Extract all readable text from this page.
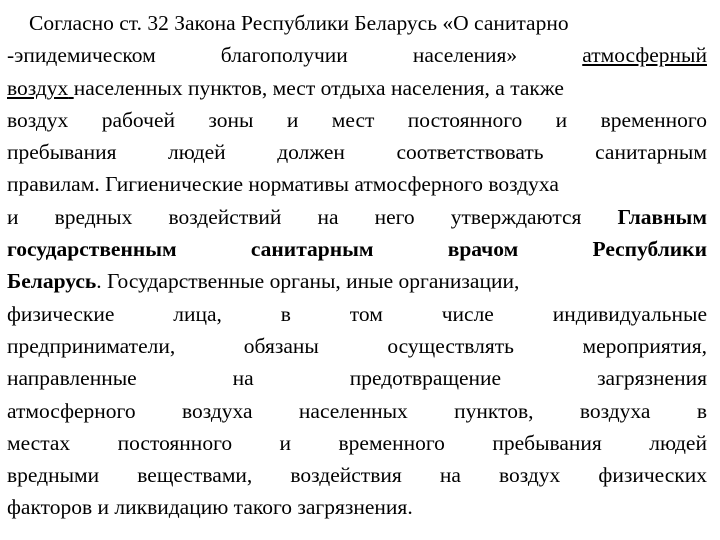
Согласно ст. 32 Закона Республики Беларусь «О санитарно
-эпидемическом	благополучии	населения»	атмосферный
воздух населенных пунктов, мест отдыха населения, а также
воздух рабочей зоны и мест постоянного и временного
пребывания людей должен соответствовать санитарным
правилам. Гигиенические нормативы атмосферного воздуха
и вредных воздействий на него утверждаются Главным
государственным	санитарным	врачом	Республики
Беларусь. Государственные органы, иные организации,
физические	лица,	в	том	числе	индивидуальные
предприниматели,	обязаны	осуществлять	мероприятия,
направленные	на	предотвращение	загрязнения
атмосферного воздуха населенных пунктов, воздуха в
местах постоянного и временного пребывания людей
вредными веществами, воздействия на воздух физических
факторов и ликвидацию такого загрязнения.
